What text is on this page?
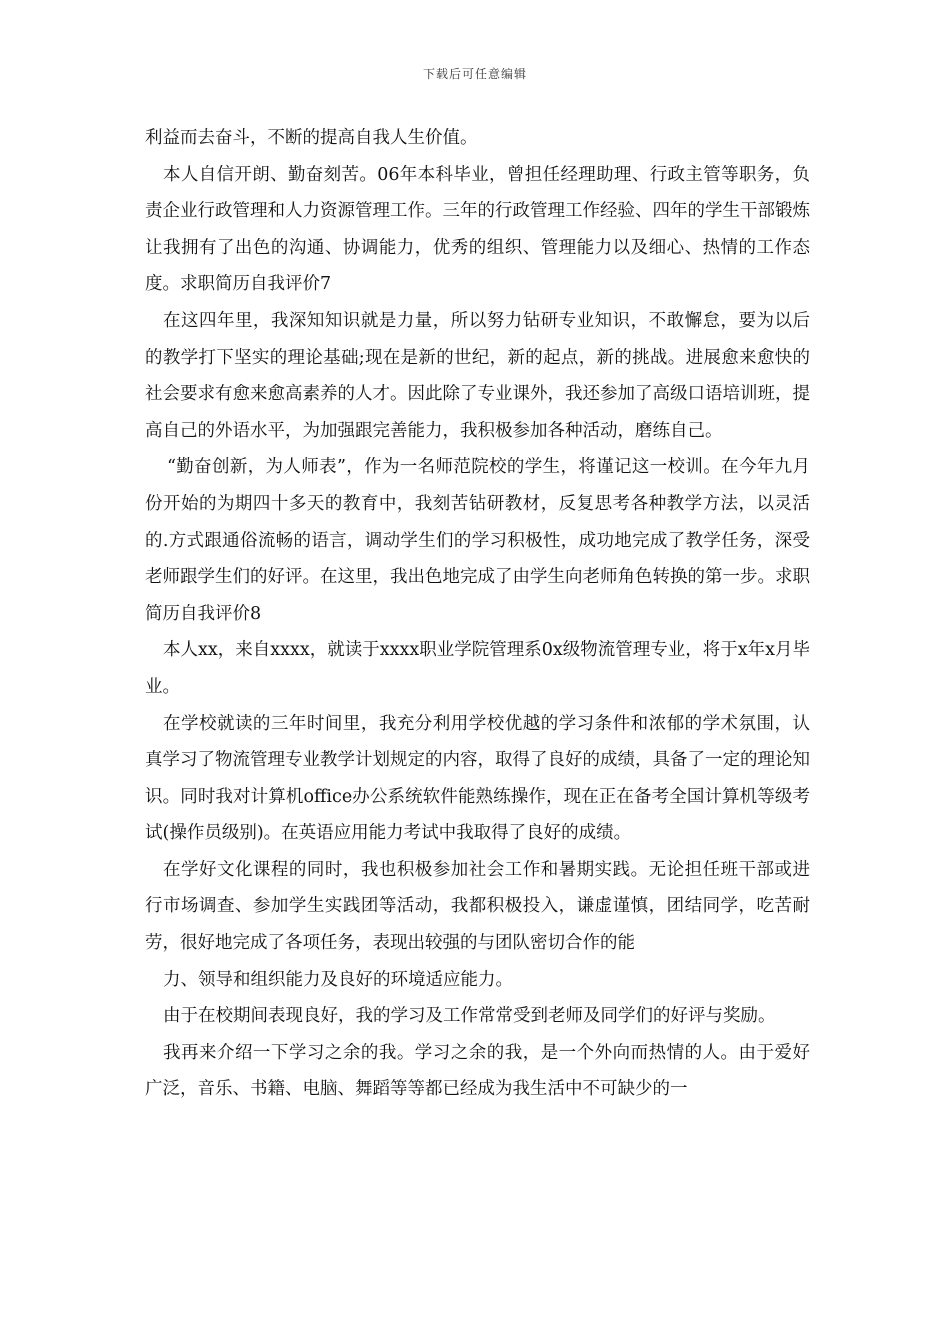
下载后可任意编辑

利益而去奋斗，不断的提高自我人生价值。

本人自信开朗、勤奋刻苦。06年本科毕业，曾担任经理助理、行政主管等职务，负责企业行政管理和人力资源管理工作。三年的行政管理工作经验、四年的学生干部锻炼让我拥有了出色的沟通、协调能力，优秀的组织、管理能力以及细心、热情的工作态度。求职简历自我评价7

在这四年里，我深知知识就是力量，所以努力钻研专业知识，不敢懈怠，要为以后的教学打下坚实的理论基础;现在是新的世纪，新的起点，新的挑战。进展愈来愈快的社会要求有愈来愈高素养的人才。因此除了专业课外，我还参加了高级口语培训班，提高自己的外语水平，为加强跟完善能力，我积极参加各种活动，磨练自己。

“勤奋创新，为人师表”，作为一名师范院校的学生，将谨记这一校训。在今年九月份开始的为期四十多天的教育中，我刻苦钻研教材，反复思考各种教学方法，以灵活的.方式跟通俗流畅的语言，调动学生们的学习积极性，成功地完成了教学任务，深受老师跟学生们的好评。在这里，我出色地完成了由学生向老师角色转换的第一步。求职简历自我评价8

本人xx，来自xxxx，就读于xxxx职业学院管理系0x级物流管理专业，将于x年x月毕业。

在学校就读的三年时间里，我充分利用学校优越的学习条件和浓郁的学术氛围，认真学习了物流管理专业教学计划规定的内容，取得了良好的成绩，具备了一定的理论知识。同时我对计算机office办公系统软件能熟练操作，现在正在备考全国计算机等级考试(操作员级别)。在英语应用能力考试中我取得了良好的成绩。

在学好文化课程的同时，我也积极参加社会工作和暑期实践。无论担任班干部或进行市场调查、参加学生实践团等活动，我都积极投入，谦虚谨慎，团结同学，吃苦耐劳，很好地完成了各项任务，表现出较强的与团队密切合作的能

力、领导和组织能力及良好的环境适应能力。

由于在校期间表现良好，我的学习及工作常常受到老师及同学们的好评与奖励。

我再来介绍一下学习之余的我。学习之余的我，是一个外向而热情的人。由于爱好广泛，音乐、书籍、电脑、舞蹈等等都已经成为我生活中不可缺少的一
